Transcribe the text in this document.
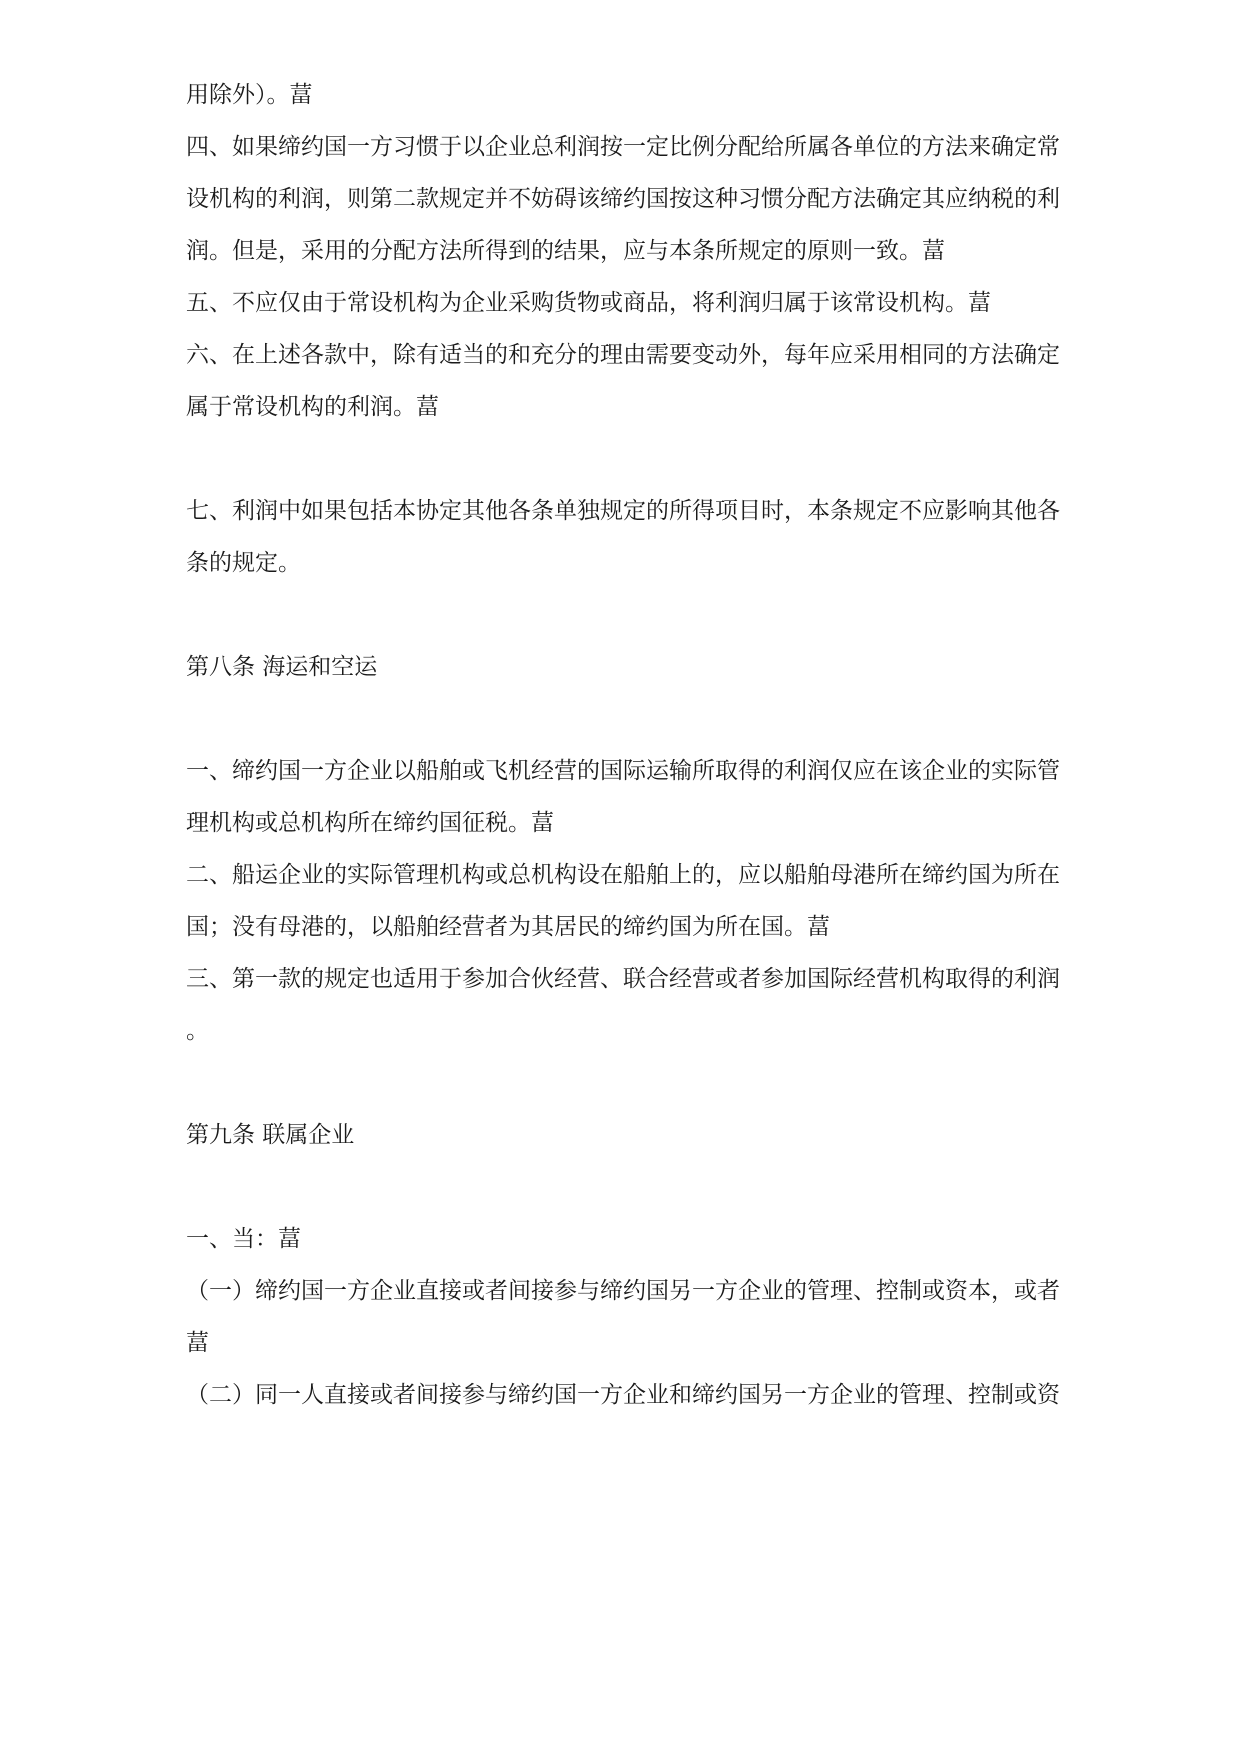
用除外）。葍
四、如果缔约国一方习惯于以企业总利润按一定比例分配给所属各单位的方法来确定常
设机构的利润，则第二款规定并不妨碍该缔约国按这种习惯分配方法确定其应纳税的利
润。但是，采用的分配方法所得到的结果，应与本条所规定的原则一致。葍
五、不应仅由于常设机构为企业采购货物或商品，将利润归属于该常设机构。葍
六、在上述各款中，除有适当的和充分的理由需要变动外，每年应采用相同的方法确定
属于常设机构的利润。葍
七、利润中如果包括本协定其他各条单独规定的所得项目时，本条规定不应影响其他各
条的规定。
第八条 海运和空运
一、缔约国一方企业以船舶或飞机经营的国际运输所取得的利润仅应在该企业的实际管
理机构或总机构所在缔约国征税。葍
二、船运企业的实际管理机构或总机构设在船舶上的，应以船舶母港所在缔约国为所在
国；没有母港的，以船舶经营者为其居民的缔约国为所在国。葍
三、第一款的规定也适用于参加合伙经营、联合经营或者参加国际经营机构取得的利润
。
第九条 联属企业
一、当：葍
（一）缔约国一方企业直接或者间接参与缔约国另一方企业的管理、控制或资本，或者
葍
（二）同一人直接或者间接参与缔约国一方企业和缔约国另一方企业的管理、控制或资
